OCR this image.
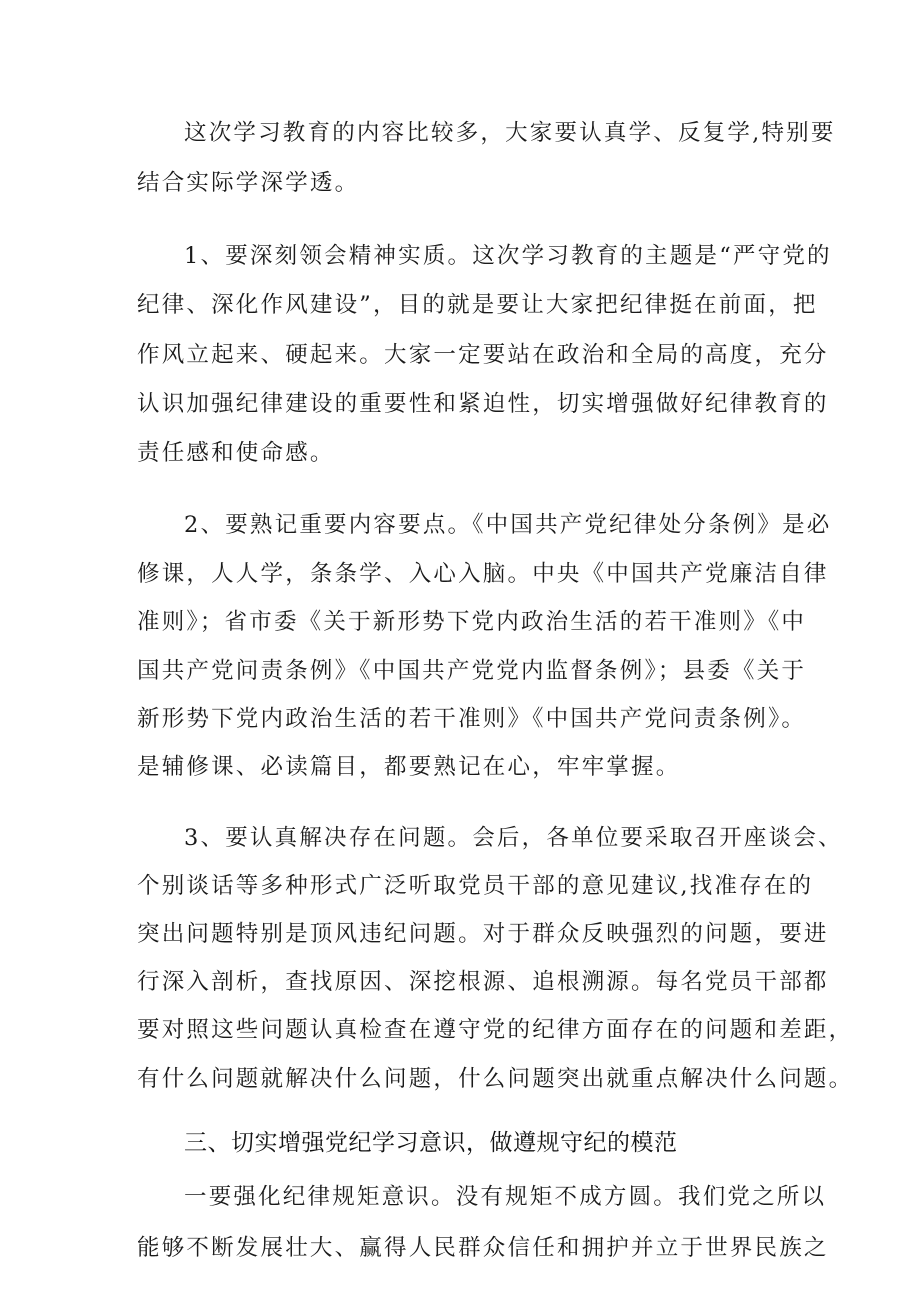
这次学习教育的内容比较多，大家要认真学、反复学,特别要
结合实际学深学透。
1、要深刻领会精神实质。这次学习教育的主题是“严守党的
纪律、深化作风建设”，目的就是要让大家把纪律挺在前面，把
作风立起来、硬起来。大家一定要站在政治和全局的高度，充分
认识加强纪律建设的重要性和紧迫性，切实增强做好纪律教育的
责任感和使命感。
2、要熟记重要内容要点。《中国共产党纪律处分条例》是必
修课，人人学，条条学、入心入脑。中央《中国共产党廉洁自律
准则》；省市委《关于新形势下党内政治生活的若干准则》《中
国共产党问责条例》《中国共产党党内监督条例》；县委《关于
新形势下党内政治生活的若干准则》《中国共产党问责条例》。
是辅修课、必读篇目，都要熟记在心，牢牢掌握。
3、要认真解决存在问题。会后，各单位要采取召开座谈会、
个别谈话等多种形式广泛听取党员干部的意见建议,找准存在的
突出问题特别是顶风违纪问题。对于群众反映强烈的问题，要进
行深入剖析，查找原因、深挖根源、追根溯源。每名党员干部都
要对照这些问题认真检查在遵守党的纪律方面存在的问题和差距，
有什么问题就解决什么问题，什么问题突出就重点解决什么问题。
三、切实增强党纪学习意识，做遵规守纪的模范
一要强化纪律规矩意识。没有规矩不成方圆。我们党之所以
能够不断发展壮大、赢得人民群众信任和拥护并立于世界民族之
